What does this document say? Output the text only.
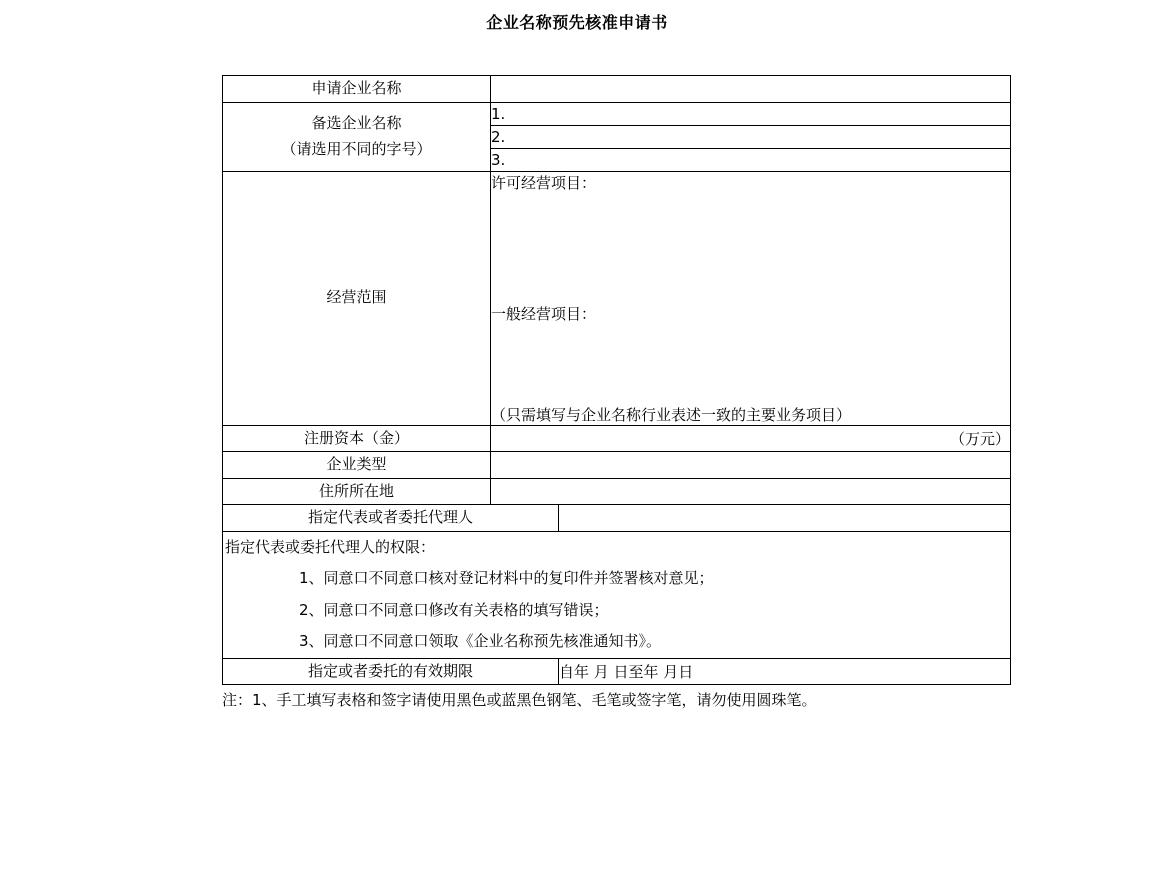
企业名称预先核准申请书
申请企业名称		
备选企业名称
（请选用不同的字号）	1.	
	2.	
	3.	
经营范围	许可经营项目：
一般经营项目：
（只需填写与企业名称行业表述一致的主要业务项目）	

注册资本（金）	（万元）	
企业类型		
住所所在地		
指定代表或者委托代理人		

指定代表或委托代理人的权限：
1、同意口不同意口核对登记材料中的复印件并签署核对意见；
2、同意口不同意口修改有关表格的填写错误；
3、同意口不同意口领取《企业名称预先核准通知书》。		

指定或者委托的有效期限		自年 月 日至年 月日
注：1、手工填写表格和签字请使用黑色或蓝黑色钢笔、毛笔或签字笔，请勿使用圆珠笔。
